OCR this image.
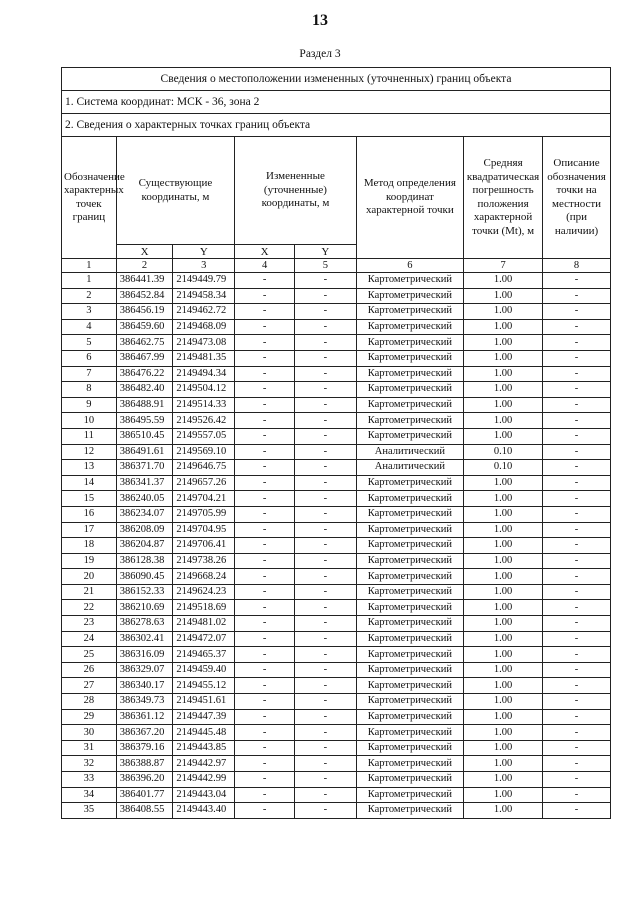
13
Раздел 3
Сведения о местоположении измененных (уточненных) границ объекта							
1. Система координат: МСК - 36, зона 2							
2. Сведения о характерных точках границ объекта							
Обозначение характерных точек границ	Существующие координаты, м		Измененные (уточненные) координаты, м		Метод определения координат характерной точки	Средняя квадратическая погрешность положения характерной точки (Mt), м	Описание обозначения точки на местности (при наличии)
	X	Y	X	Y			
1	2	3	4	5	6	7	8
1	386441.39	2149449.79	-	-	Картометрический	1.00	-
2	386452.84	2149458.34	-	-	Картометрический	1.00	-
3	386456.19	2149462.72	-	-	Картометрический	1.00	-
4	386459.60	2149468.09	-	-	Картометрический	1.00	-
5	386462.75	2149473.08	-	-	Картометрический	1.00	-
6	386467.99	2149481.35	-	-	Картометрический	1.00	-
7	386476.22	2149494.34	-	-	Картометрический	1.00	-
8	386482.40	2149504.12	-	-	Картометрический	1.00	-
9	386488.91	2149514.33	-	-	Картометрический	1.00	-
10	386495.59	2149526.42	-	-	Картометрический	1.00	-
11	386510.45	2149557.05	-	-	Картометрический	1.00	-
12	386491.61	2149569.10	-	-	Аналитический	0.10	-
13	386371.70	2149646.75	-	-	Аналитический	0.10	-
14	386341.37	2149657.26	-	-	Картометрический	1.00	-
15	386240.05	2149704.21	-	-	Картометрический	1.00	-
16	386234.07	2149705.99	-	-	Картометрический	1.00	-
17	386208.09	2149704.95	-	-	Картометрический	1.00	-
18	386204.87	2149706.41	-	-	Картометрический	1.00	-
19	386128.38	2149738.26	-	-	Картометрический	1.00	-
20	386090.45	2149668.24	-	-	Картометрический	1.00	-
21	386152.33	2149624.23	-	-	Картометрический	1.00	-
22	386210.69	2149518.69	-	-	Картометрический	1.00	-
23	386278.63	2149481.02	-	-	Картометрический	1.00	-
24	386302.41	2149472.07	-	-	Картометрический	1.00	-
25	386316.09	2149465.37	-	-	Картометрический	1.00	-
26	386329.07	2149459.40	-	-	Картометрический	1.00	-
27	386340.17	2149455.12	-	-	Картометрический	1.00	-
28	386349.73	2149451.61	-	-	Картометрический	1.00	-
29	386361.12	2149447.39	-	-	Картометрический	1.00	-
30	386367.20	2149445.48	-	-	Картометрический	1.00	-
31	386379.16	2149443.85	-	-	Картометрический	1.00	-
32	386388.87	2149442.97	-	-	Картометрический	1.00	-
33	386396.20	2149442.99	-	-	Картометрический	1.00	-
34	386401.77	2149443.04	-	-	Картометрический	1.00	-
35	386408.55	2149443.40	-	-	Картометрический	1.00	-
